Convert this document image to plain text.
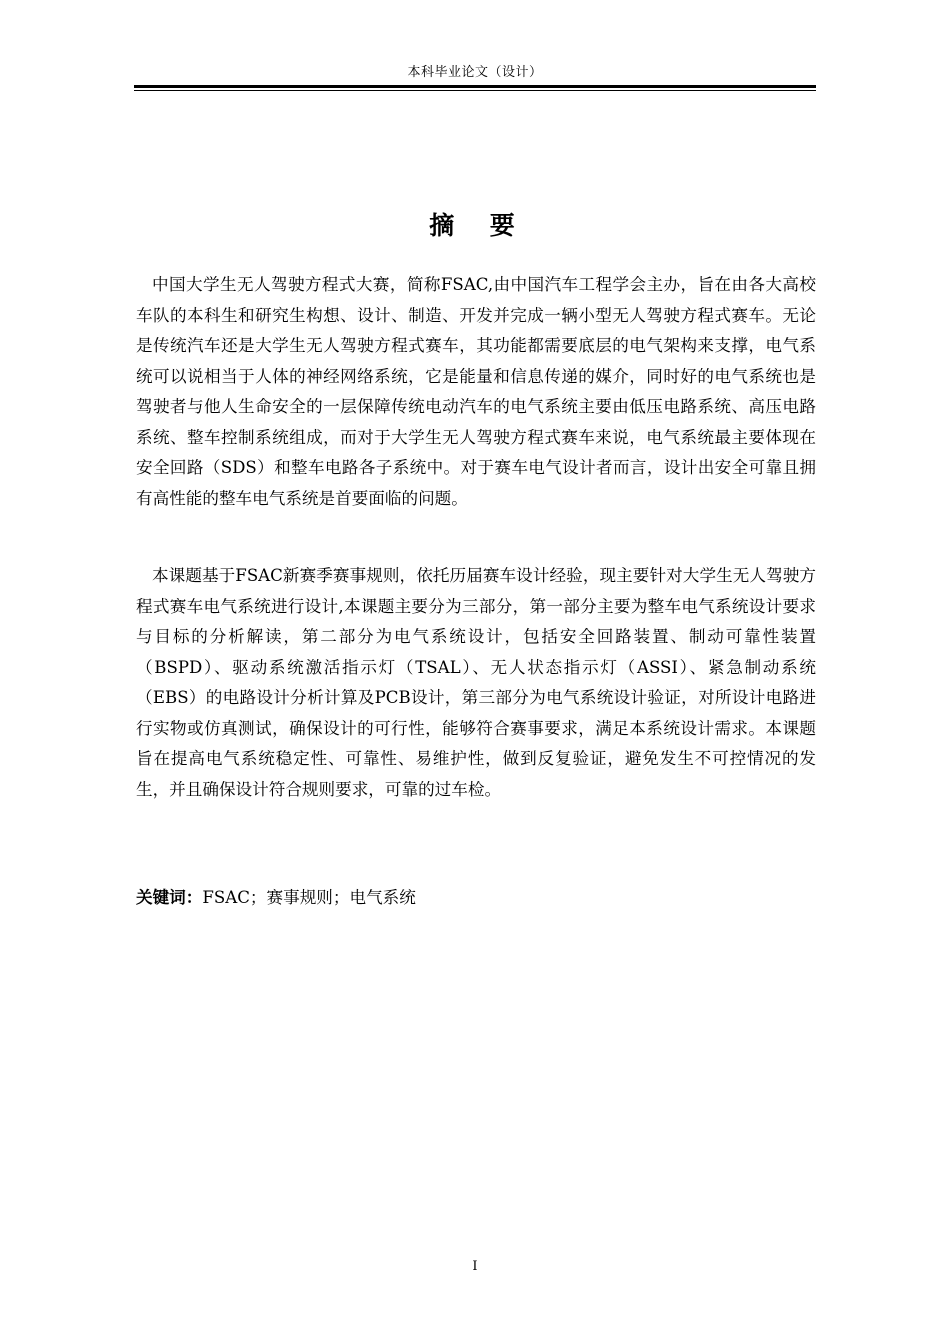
本科毕业论文（设计）
摘  要

中国大学生无人驾驶方程式大赛，简称FSAC,由中国汽车工程学会主办，旨在由各大高校车队的本科生和研究生构想、设计、制造、开发并完成一辆小型无人驾驶方程式赛车。无论是传统汽车还是大学生无人驾驶方程式赛车，其功能都需要底层的电气架构来支撑，电气系统可以说相当于人体的神经网络系统，它是能量和信息传递的媒介，同时好的电气系统也是驾驶者与他人生命安全的一层保障传统电动汽车的电气系统主要由低压电路系统、高压电路系统、整车控制系统组成，而对于大学生无人驾驶方程式赛车来说，电气系统最主要体现在安全回路（SDS）和整车电路各子系统中。对于赛车电气设计者而言，设计出安全可靠且拥有高性能的整车电气系统是首要面临的问题。

本课题基于FSAC新赛季赛事规则，依托历届赛车设计经验，现主要针对大学生无人驾驶方程式赛车电气系统进行设计,本课题主要分为三部分，第一部分主要为整车电气系统设计要求与目标的分析解读，第二部分为电气系统设计，包括安全回路装置、制动可靠性装置（BSPD）、驱动系统激活指示灯（TSAL）、无人状态指示灯（ASSI）、紧急制动系统（EBS）的电路设计分析计算及PCB设计，第三部分为电气系统设计验证，对所设计电路进行实物或仿真测试，确保设计的可行性，能够符合赛事要求，满足本系统设计需求。本课题旨在提高电气系统稳定性、可靠性、易维护性，做到反复验证，避免发生不可控情况的发生，并且确保设计符合规则要求，可靠的过车检。

关键词：FSAC；赛事规则；电气系统
I
